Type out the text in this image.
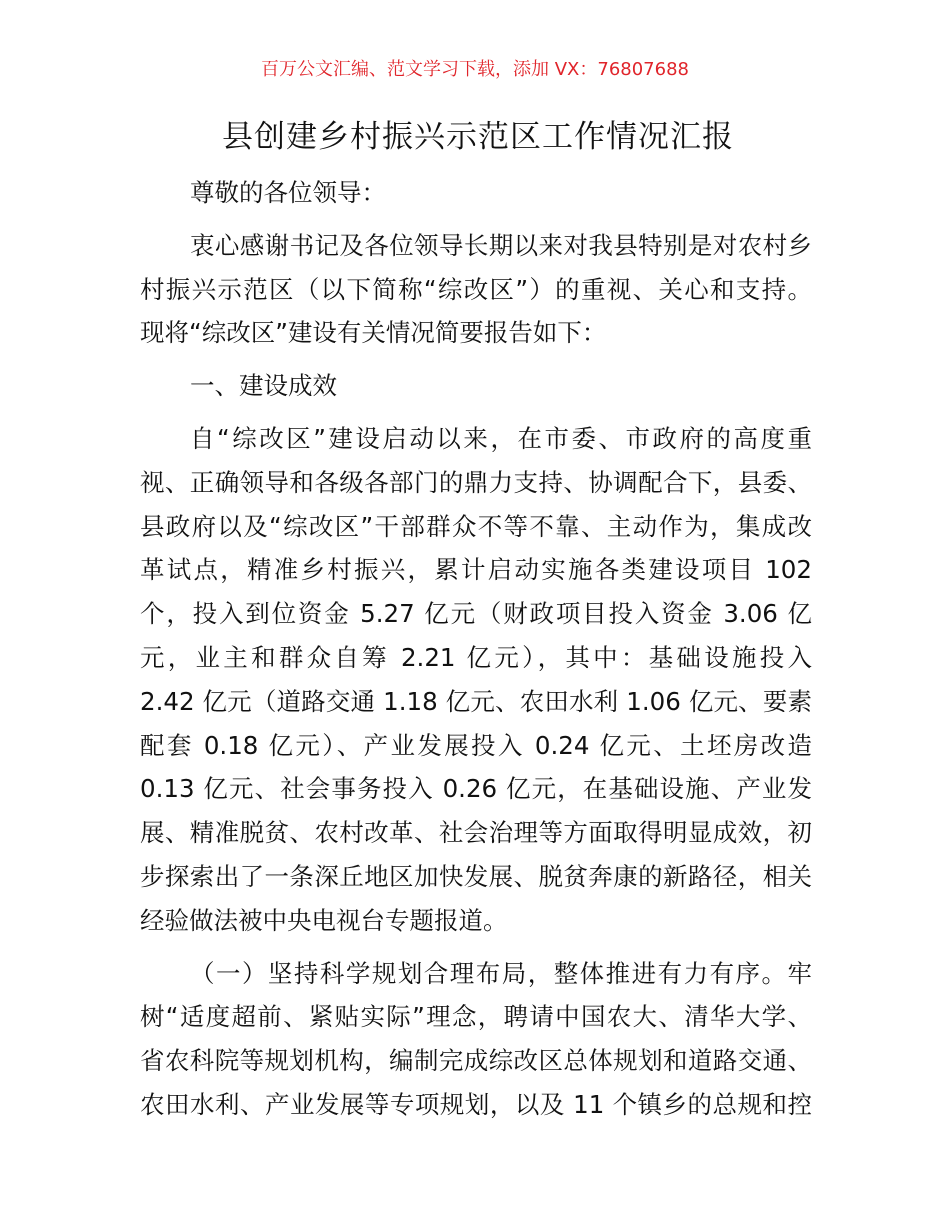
百万公文汇编、范文学习下载，添加 VX：76807688
县创建乡村振兴示范区工作情况汇报
尊敬的各位领导：
衷心感谢书记及各位领导长期以来对我县特别是对农村乡
村振兴示范区（以下简称“综改区”）的重视、关心和支持。
现将“综改区”建设有关情况简要报告如下：
一、建设成效
自“综改区”建设启动以来，在市委、市政府的高度重
视、正确领导和各级各部门的鼎力支持、协调配合下，县委、
县政府以及“综改区”干部群众不等不靠、主动作为，集成改
革试点，精准乡村振兴，累计启动实施各类建设项目 102
个，投入到位资金 5.27 亿元（财政项目投入资金 3.06 亿
元，业主和群众自筹 2.21 亿元），其中：基础设施投入
2.42 亿元（道路交通 1.18 亿元、农田水利 1.06 亿元、要素
配套 0.18 亿元）、产业发展投入 0.24 亿元、土坯房改造
0.13 亿元、社会事务投入 0.26 亿元，在基础设施、产业发
展、精准脱贫、农村改革、社会治理等方面取得明显成效，初
步探索出了一条深丘地区加快发展、脱贫奔康的新路径，相关
经验做法被中央电视台专题报道。
（一）坚持科学规划合理布局，整体推进有力有序。牢
树“适度超前、紧贴实际”理念，聘请中国农大、清华大学、
省农科院等规划机构，编制完成综改区总体规划和道路交通、
农田水利、产业发展等专项规划，以及 11 个镇乡的总规和控
